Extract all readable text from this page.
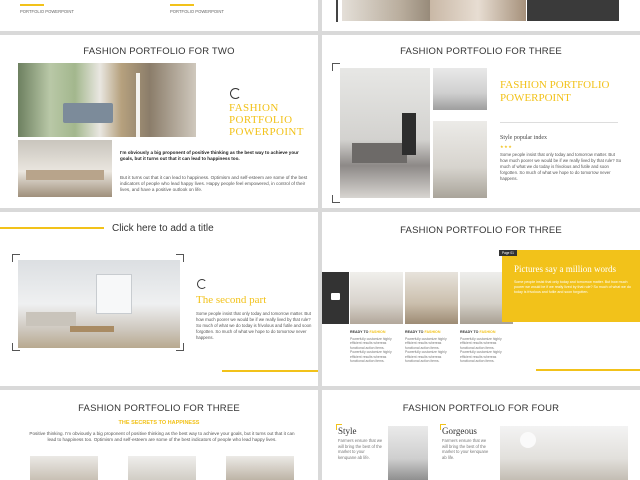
PORTFOLIO POWERPOINT	PORTFOLIO POWERPOINT
FASHION PORTFOLIO FOR TWO
FASHION PORTFOLIO POWERPOINT
I'm obviously a big proponent of positive thinking as the best way to achieve your goals, but it turns out that it can lead to happiness too.
But it turns out that it can lead to happiness. Optimism and self-esteem are some of the best indicators of people who lead happy lives. Happy people feel empowered, in control of their lives, and have a positive outlook on life.
FASHION PORTFOLIO FOR THREE
FASHION PORTFOLIO POWERPOINT
Style popular index
★★★
Some people insist that only today and tomorrow matter. But how much poorer we would be if we really lived by that rule? So much of what we do today is frivolous and futile and soon forgotten. So much of what we hope to do tomorrow never happens.
Click here to add a title
The second part
Some people insist that only today and tomorrow matter. But how much poorer we would be if we really lived by that rule? So much of what we do today is frivolous and futile and soon forgotten. So much of what we hope to do tomorrow never happens.
FASHION PORTFOLIO FOR THREE
Page 01
Pictures say a million words
Some people insist that only today and tomorrow matter. But how much poorer we would be if we really lived by that rule? So much of what we do today is frivolous and futile and soon forgotten.
READY TO FASHION
Powerfully customize highly efficient results whereas functional action items. Powerfully customize highly efficient results whereas functional action items.
READY TO FASHION
Powerfully customize highly efficient results whereas functional action items. Powerfully customize highly efficient results whereas functional action items.
READY TO FASHION
Powerfully customize highly efficient results whereas functional action items. Powerfully customize highly efficient results whereas functional action items.
FASHION PORTFOLIO FOR THREE
THE SECRETS TO HAPPINESS
Positive thinking. I'm obviously a big proponent of positive thinking as the best way to achieve your goals, but it turns out that it can lead to happiness too. Optimism and self-esteem are some of the best indicators of people who lead happy lives.
FASHION PORTFOLIO FOR FOUR
Style
Farmers ensure that we will bring the best of the market to your kenquane ab life.
Gorgeous
Farmers ensure that we will bring the best of the market to your kenquane ab life.
